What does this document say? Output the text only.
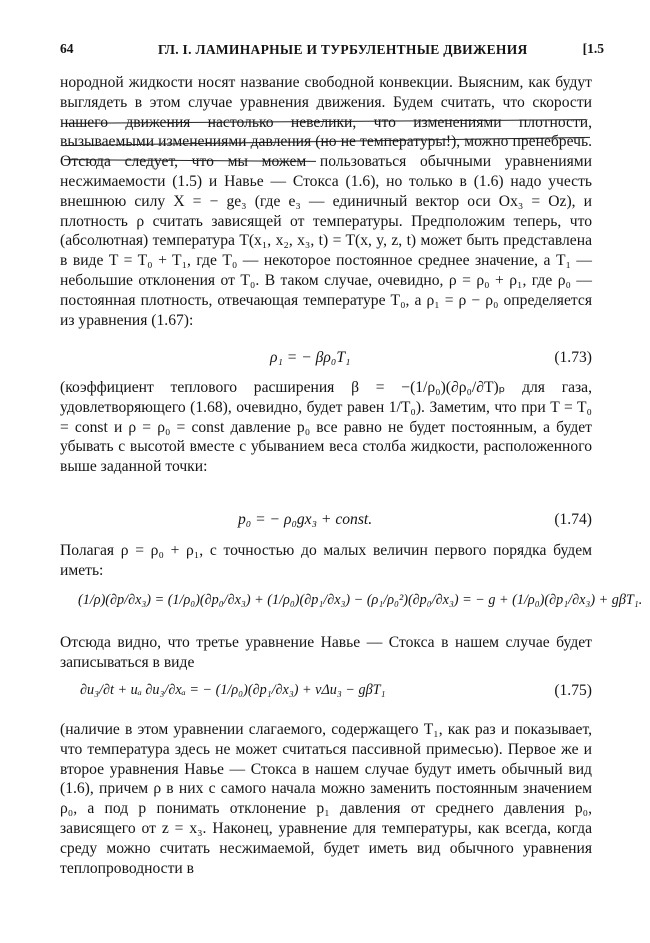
64	ГЛ. I. ЛАМИНАРНЫЕ И ТУРБУЛЕНТНЫЕ ДВИЖЕНИЯ	[1.5

нородной жидкости носят название свободной конвекции. Выясним, как будут выглядеть в этом случае уравнения движения. Будем считать, что скорости нашего движения настолько невелики, что изменениями плотности, вызываемыми изменениями давления (но не температуры!), можно пренебречь. Отсюда следует, что мы можем пользоваться обычными уравнениями несжимаемости (1.5) и Навье — Стокса (1.6), но только в (1.6) надо учесть внешнюю силу X = − ge₃ (где e₃ — единичный вектор оси Ox₃ = Oz), и плотность ρ считать зависящей от температуры. Предположим теперь, что (абсолютная) температура T(x₁, x₂, x₃, t) = T(x, y, z, t) может быть представлена в виде T = T₀ + T₁, где T₀ — некоторое постоянное среднее значение, а T₁ — небольшие отклонения от T₀. В таком случае, очевидно, ρ = ρ₀ + ρ₁, где ρ₀ — постоянная плотность, отвечающая температуре T₀, а ρ₁ = ρ − ρ₀ определяется из уравнения (1.67):

ρ₁ = − βρ₀T₁	(1.73)

(коэффициент теплового расширения β = −(1/ρ₀)(∂ρ₀/∂T)ₚ для газа, удовлетворяющего (1.68), очевидно, будет равен 1/T₀). Заметим, что при T = T₀ = const и ρ = ρ₀ = const давление p₀ все равно не будет постоянным, а будет убывать с высотой вместе с убыванием веса столба жидкости, расположенного выше заданной точки:

p₀ = − ρ₀gx₃ + const.	(1.74)

Полагая ρ = ρ₀ + ρ₁, с точностью до малых величин первого порядка будем иметь:

(1/ρ)(∂p/∂x₃) = (1/ρ₀)(∂p₀/∂x₃) + (1/ρ₀)(∂p₁/∂x₃) − (ρ₁/ρ₀²)(∂p₀/∂x₃) = − g + (1/ρ₀)(∂p₁/∂x₃) + gβT₁.

Отсюда видно, что третье уравнение Навье — Стокса в нашем случае будет записываться в виде

∂u₃/∂t + uₐ ∂u₃/∂xₐ = − (1/ρ₀)(∂p₁/∂x₃) + νΔu₃ − gβT₁	(1.75)

(наличие в этом уравнении слагаемого, содержащего T₁, как раз и показывает, что температура здесь не может считаться пассивной примесью). Первое же и второе уравнения Навье — Стокса в нашем случае будут иметь обычный вид (1.6), причем ρ в них с самого начала можно заменить постоянным значением ρ₀, а под p понимать отклонение p₁ давления от среднего давления p₀, зависящего от z = x₃. Наконец, уравнение для температуры, как всегда, когда среду можно считать несжимаемой, будет иметь вид обычного уравнения теплопроводности в
